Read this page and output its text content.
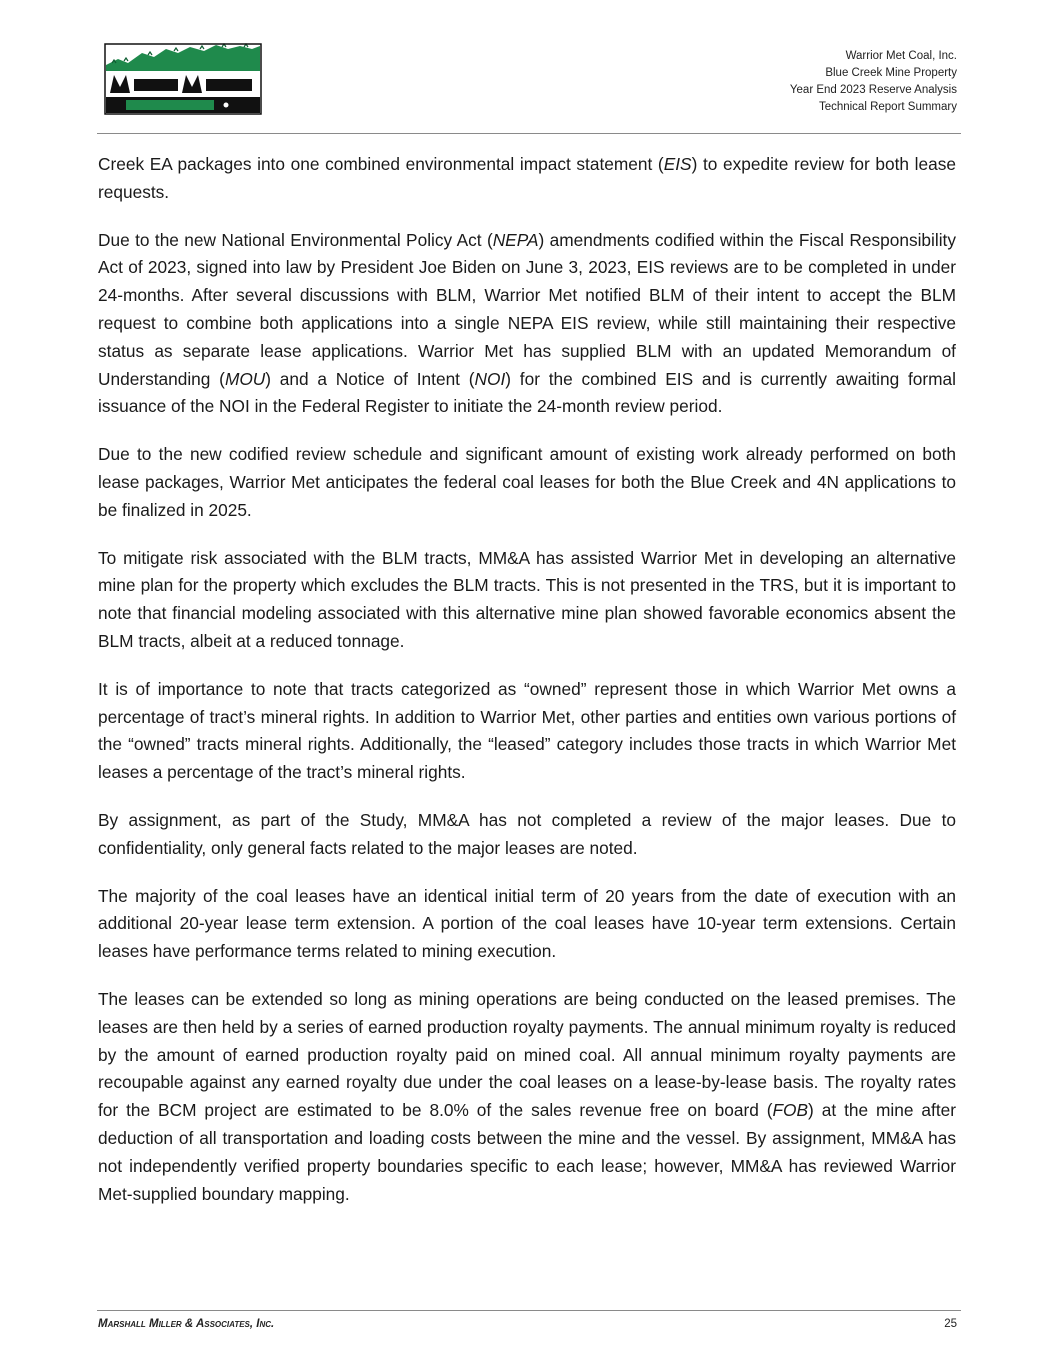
Warrior Met Coal, Inc.
Blue Creek Mine Property
Year End 2023 Reserve Analysis
Technical Report Summary

Creek EA packages into one combined environmental impact statement (EIS) to expedite review for both lease requests.

Due to the new National Environmental Policy Act (NEPA) amendments codified within the Fiscal Responsibility Act of 2023, signed into law by President Joe Biden on June 3, 2023, EIS reviews are to be completed in under 24-months. After several discussions with BLM, Warrior Met notified BLM of their intent to accept the BLM request to combine both applications into a single NEPA EIS review, while still maintaining their respective status as separate lease applications. Warrior Met has supplied BLM with an updated Memorandum of Understanding (MOU) and a Notice of Intent (NOI) for the combined EIS and is currently awaiting formal issuance of the NOI in the Federal Register to initiate the 24-month review period.

Due to the new codified review schedule and significant amount of existing work already performed on both lease packages, Warrior Met anticipates the federal coal leases for both the Blue Creek and 4N applications to be finalized in 2025.

To mitigate risk associated with the BLM tracts, MM&A has assisted Warrior Met in developing an alternative mine plan for the property which excludes the BLM tracts. This is not presented in the TRS, but it is important to note that financial modeling associated with this alternative mine plan showed favorable economics absent the BLM tracts, albeit at a reduced tonnage.

It is of importance to note that tracts categorized as “owned” represent those in which Warrior Met owns a percentage of tract’s mineral rights. In addition to Warrior Met, other parties and entities own various portions of the “owned” tracts mineral rights. Additionally, the “leased” category includes those tracts in which Warrior Met leases a percentage of the tract’s mineral rights.

By assignment, as part of the Study, MM&A has not completed a review of the major leases. Due to confidentiality, only general facts related to the major leases are noted.

The majority of the coal leases have an identical initial term of 20 years from the date of execution with an additional 20-year lease term extension. A portion of the coal leases have 10-year term extensions. Certain leases have performance terms related to mining execution.

The leases can be extended so long as mining operations are being conducted on the leased premises. The leases are then held by a series of earned production royalty payments. The annual minimum royalty is reduced by the amount of earned production royalty paid on mined coal. All annual minimum royalty payments are recoupable against any earned royalty due under the coal leases on a lease-by-lease basis. The royalty rates for the BCM project are estimated to be 8.0% of the sales revenue free on board (FOB) at the mine after deduction of all transportation and loading costs between the mine and the vessel. By assignment, MM&A has not independently verified property boundaries specific to each lease; however, MM&A has reviewed Warrior Met-supplied boundary mapping.

Marshall Miller & Associates, Inc.	25
